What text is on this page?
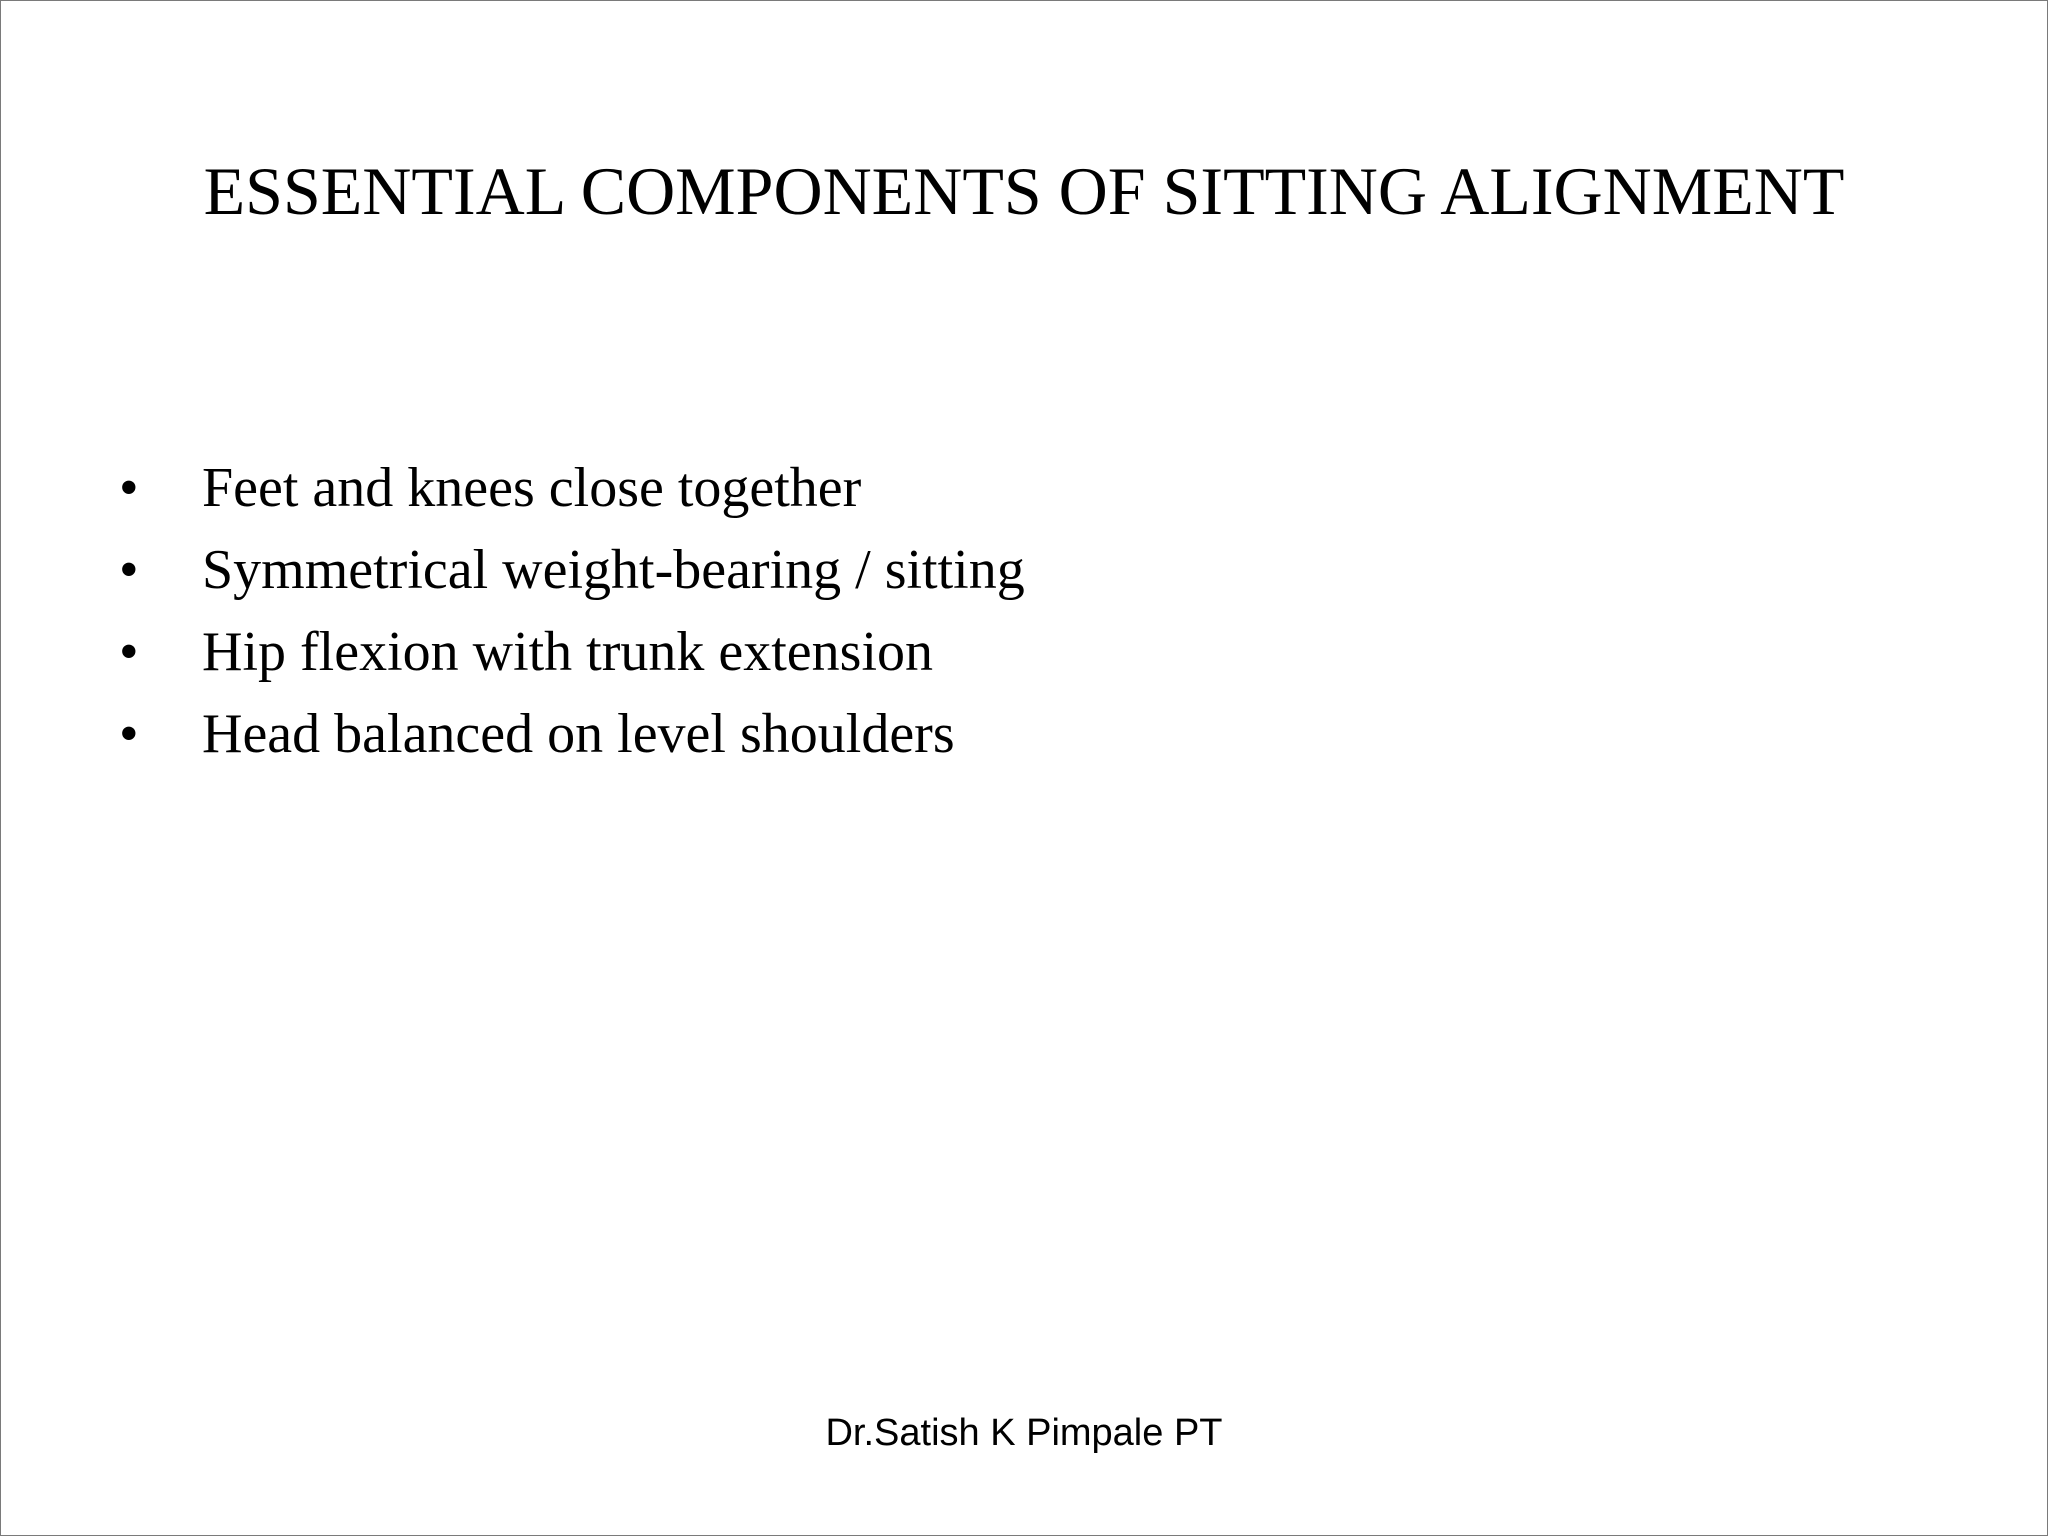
ESSENTIAL COMPONENTS OF SITTING ALIGNMENT
• Feet and knees close together
• Symmetrical weight-bearing / sitting
• Hip flexion with trunk extension
• Head balanced on level shoulders
Dr.Satish K Pimpale PT
